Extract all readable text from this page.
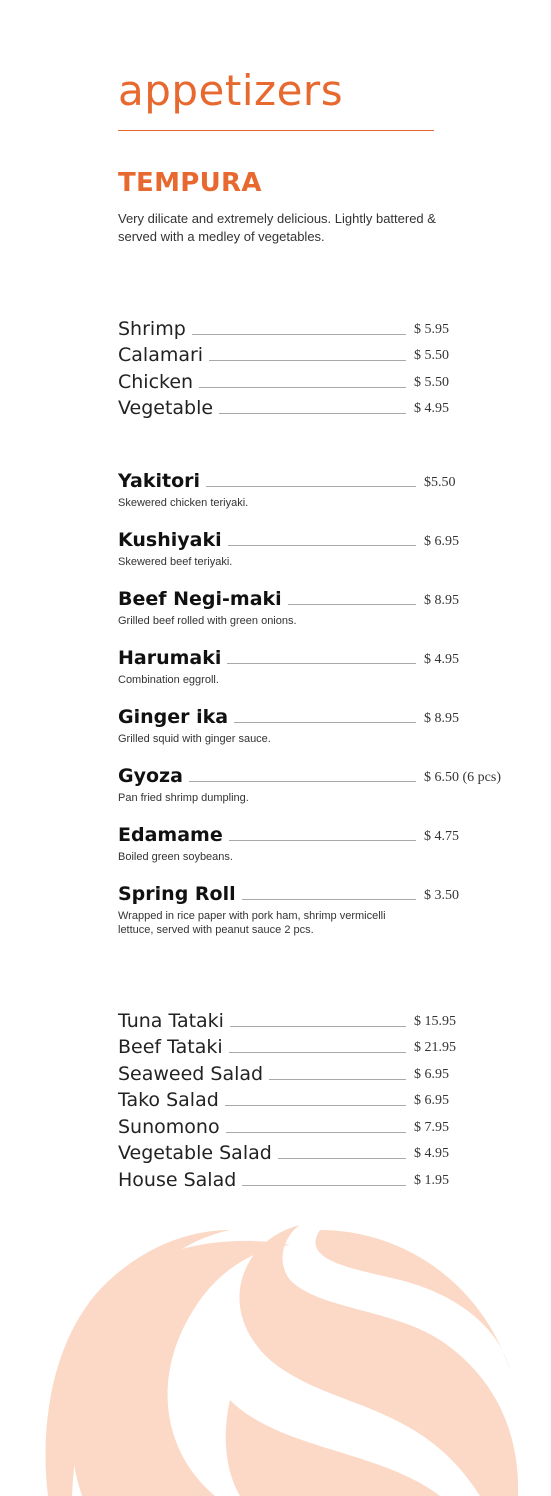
appetizers
TEMPURA

Very dilicate and extremely delicious. Lightly battered & served with a medley of vegetables.

Shrimp	$ 5.95
Calamari	$ 5.50
Chicken	$ 5.50
Vegetable	$ 4.95
Yakitori	$5.50
Skewered chicken teriyaki.
Kushiyaki	$ 6.95
Skewered beef teriyaki.
Beef Negi-maki	$ 8.95
Grilled beef rolled with green onions.
Harumaki	$ 4.95
Combination eggroll.
Ginger ika	$ 8.95
Grilled squid with ginger sauce.
Gyoza	$ 6.50 (6 pcs)
Pan fried shrimp dumpling.
Edamame	$ 4.75
Boiled green soybeans.
Spring Roll	$ 3.50
Wrapped in rice paper with pork ham, shrimp vermicelli lettuce, served with peanut sauce 2 pcs.
Tuna Tataki	$ 15.95
Beef Tataki	$ 21.95
Seaweed Salad	$ 6.95
Tako Salad	$ 6.95
Sunomono	$ 7.95
Vegetable Salad	$ 4.95
House Salad	$ 1.95
